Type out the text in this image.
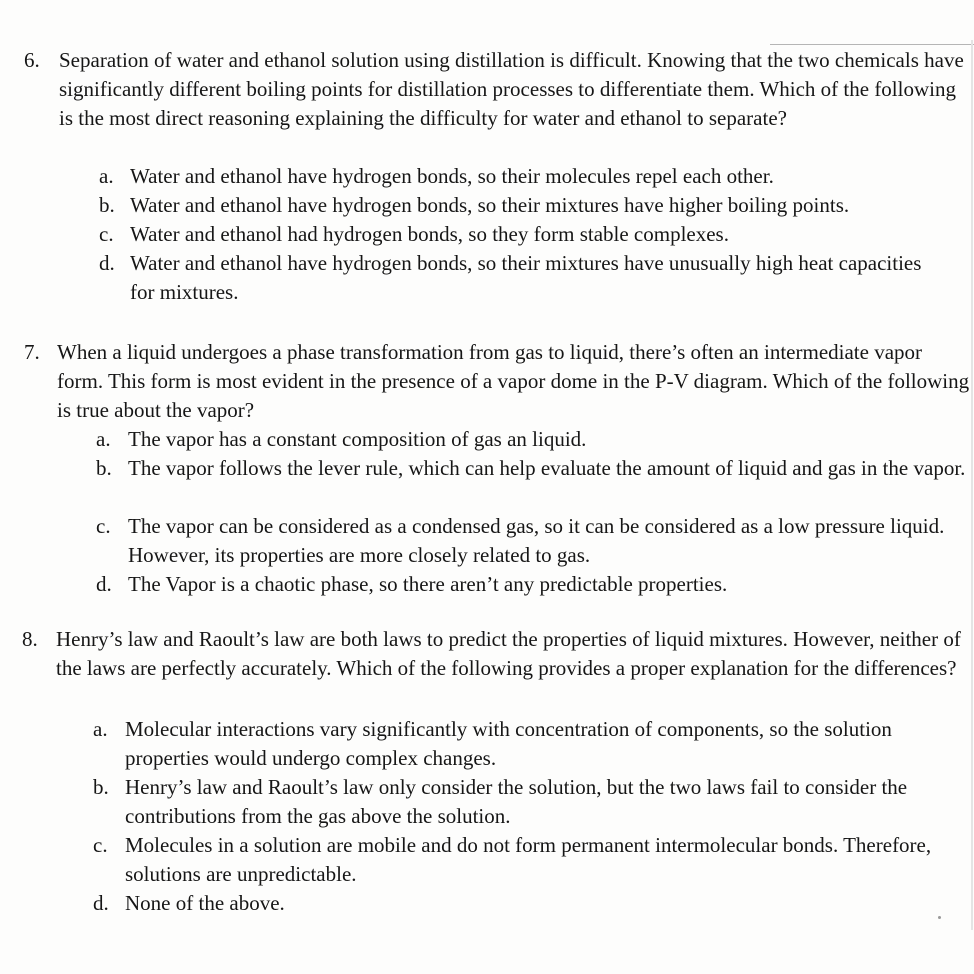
6. Separation of water and ethanol solution using distillation is difficult. Knowing that the two chemicals have significantly different boiling points for distillation processes to differentiate them. Which of the following is the most direct reasoning explaining the difficulty for water and ethanol to separate?
a. Water and ethanol have hydrogen bonds, so their molecules repel each other.
b. Water and ethanol have hydrogen bonds, so their mixtures have higher boiling points.
c. Water and ethanol had hydrogen bonds, so they form stable complexes.
d. Water and ethanol have hydrogen bonds, so their mixtures have unusually high heat capacities for mixtures.
7. When a liquid undergoes a phase transformation from gas to liquid, there’s often an intermediate vapor form. This form is most evident in the presence of a vapor dome in the P-V diagram. Which of the following is true about the vapor?
a. The vapor has a constant composition of gas an liquid.
b. The vapor follows the lever rule, which can help evaluate the amount of liquid and gas in the vapor.
c. The vapor can be considered as a condensed gas, so it can be considered as a low pressure liquid. However, its properties are more closely related to gas.
d. The Vapor is a chaotic phase, so there aren’t any predictable properties.
8. Henry’s law and Raoult’s law are both laws to predict the properties of liquid mixtures. However, neither of the laws are perfectly accurately. Which of the following provides a proper explanation for the differences?
a. Molecular interactions vary significantly with concentration of components, so the solution properties would undergo complex changes.
b. Henry’s law and Raoult’s law only consider the solution, but the two laws fail to consider the contributions from the gas above the solution.
c. Molecules in a solution are mobile and do not form permanent intermolecular bonds. Therefore, solutions are unpredictable.
d. None of the above.
